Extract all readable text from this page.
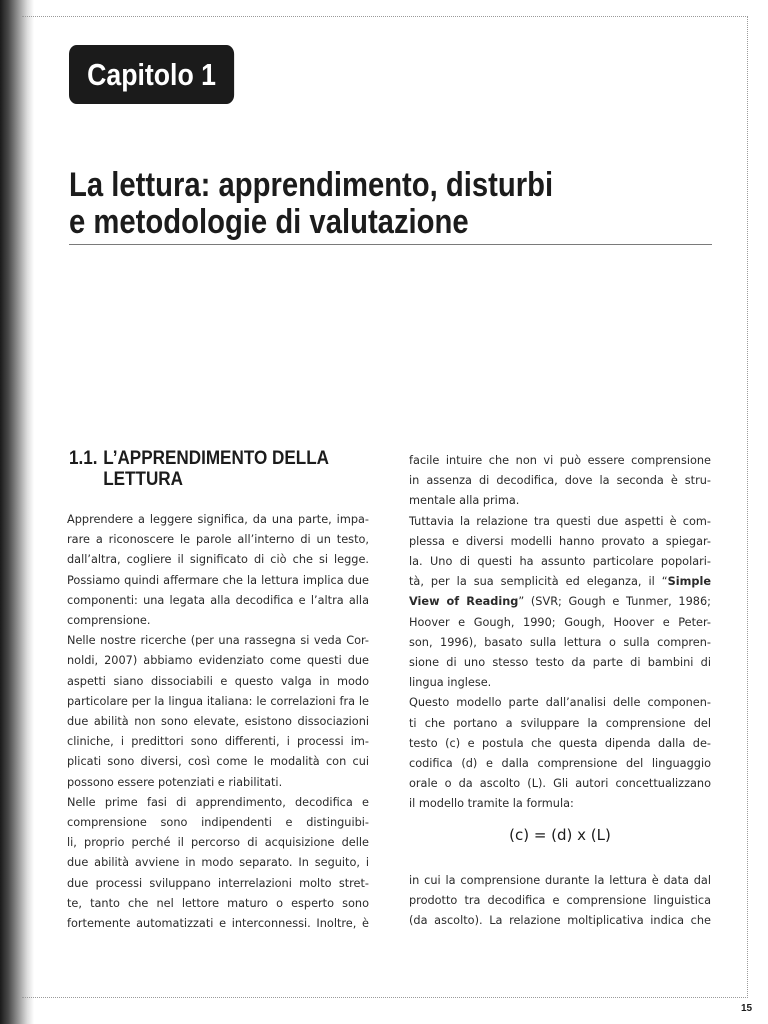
Capitolo 1
La lettura: apprendimento, disturbi
e metodologie di valutazione
1.1. L’APPRENDIMENTO DELLA
LETTURA
Apprendere a leggere significa, da una parte, impa-
rare a riconoscere le parole all’interno di un testo,
dall’altra, cogliere il significato di ciò che si legge.
Possiamo quindi affermare che la lettura implica due
componenti: una legata alla decodifica e l’altra alla
comprensione.
Nelle nostre ricerche (per una rassegna si veda Cor-
noldi, 2007) abbiamo evidenziato come questi due
aspetti siano dissociabili e questo valga in modo
particolare per la lingua italiana: le correlazioni fra le
due abilità non sono elevate, esistono dissociazioni
cliniche, i predittori sono differenti, i processi im-
plicati sono diversi, così come le modalità con cui
possono essere potenziati e riabilitati.
Nelle prime fasi di apprendimento, decodifica e
comprensione sono indipendenti e distinguibi-
li, proprio perché il percorso di acquisizione delle
due abilità avviene in modo separato. In seguito, i
due processi sviluppano interrelazioni molto stret-
te, tanto che nel lettore maturo o esperto sono
fortemente automatizzati e interconnessi. Inoltre, è
facile intuire che non vi può essere comprensione
in assenza di decodifica, dove la seconda è stru-
mentale alla prima.
Tuttavia la relazione tra questi due aspetti è com-
plessa e diversi modelli hanno provato a spiegar-
la. Uno di questi ha assunto particolare popolari-
tà, per la sua semplicità ed eleganza, il “Simple
View of Reading” (SVR; Gough e Tunmer, 1986;
Hoover e Gough, 1990; Gough, Hoover e Peter-
son, 1996), basato sulla lettura o sulla compren-
sione di uno stesso testo da parte di bambini di
lingua inglese.
Questo modello parte dall’analisi delle componen-
ti che portano a sviluppare la comprensione del
testo (c) e postula che questa dipenda dalla de-
codifica (d) e dalla comprensione del linguaggio
orale o da ascolto (L). Gli autori concettualizzano
il modello tramite la formula:
(c) = (d) x (L)
in cui la comprensione durante la lettura è data dal
prodotto tra decodifica e comprensione linguistica
(da ascolto). La relazione moltiplicativa indica che
15
